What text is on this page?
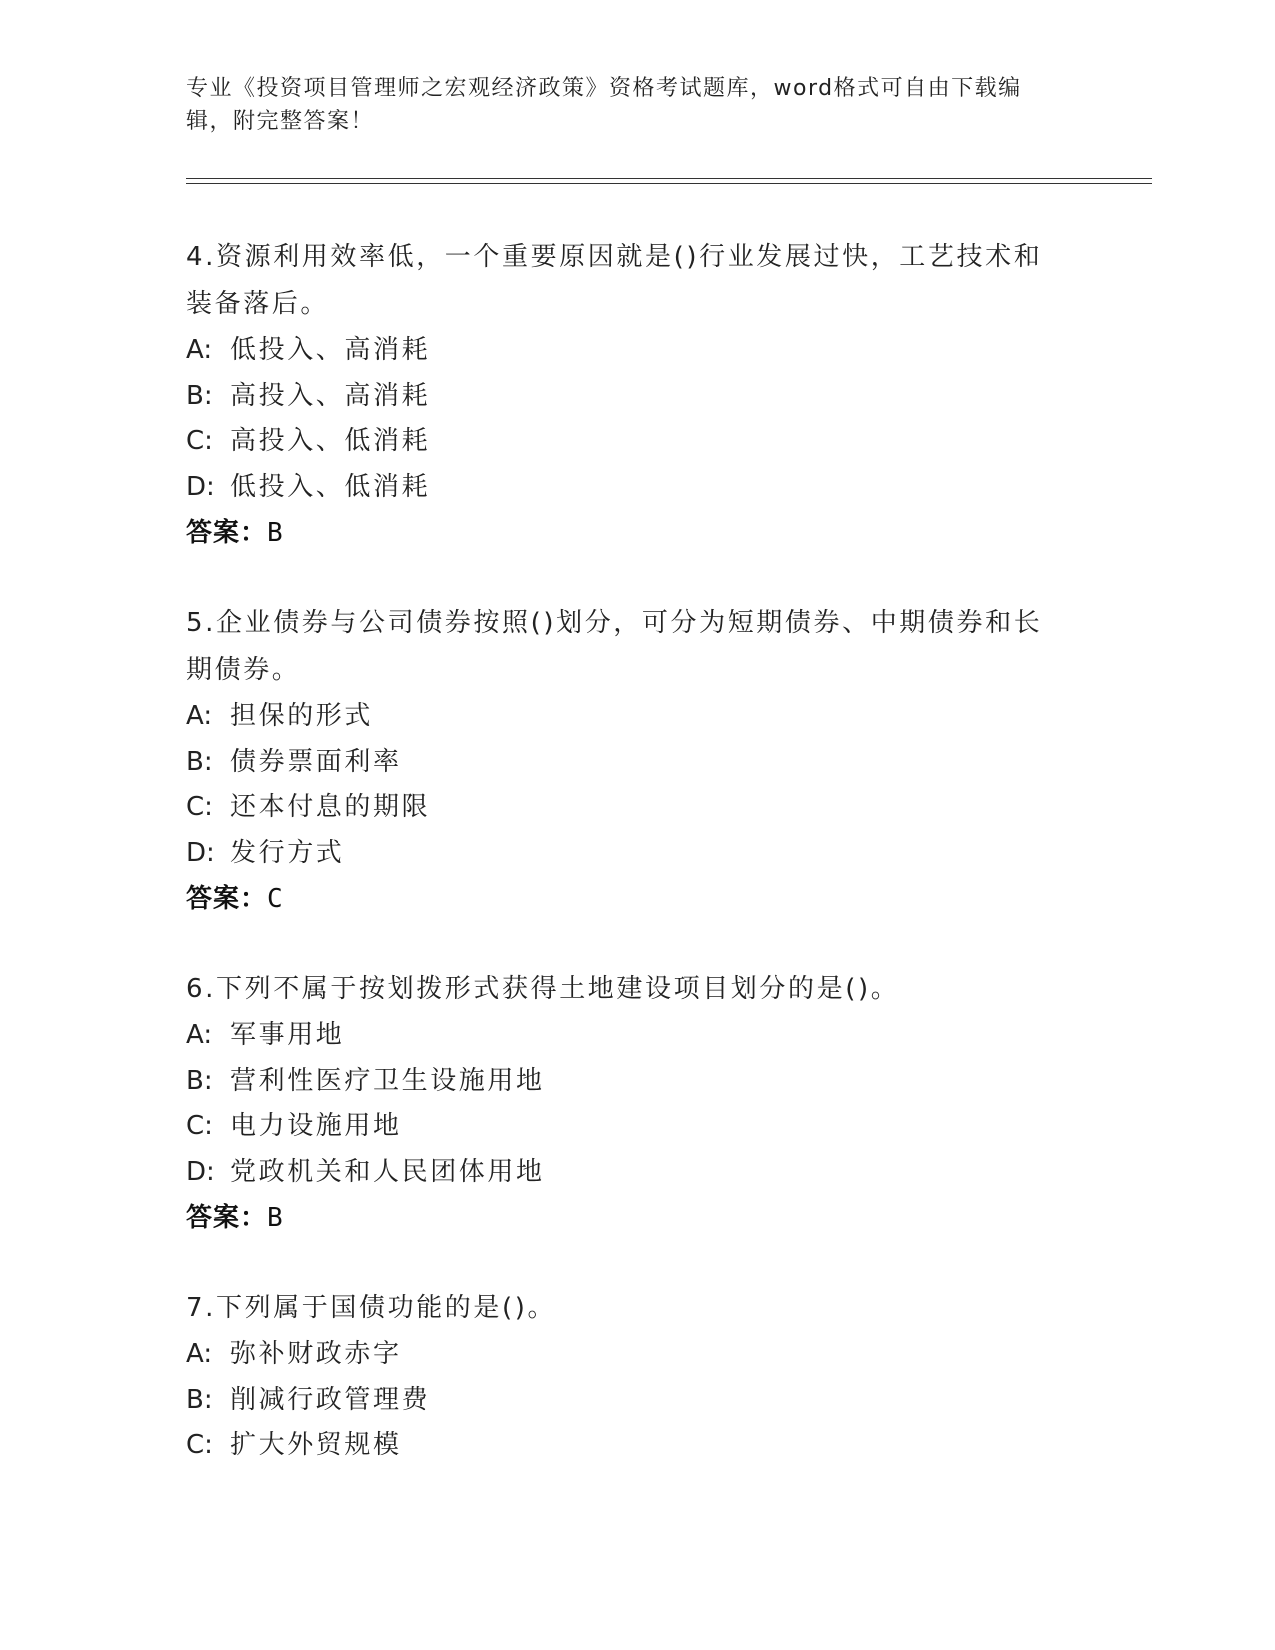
专业《投资项目管理师之宏观经济政策》资格考试题库，word格式可自由下载编辑，附完整答案！
4.资源利用效率低，一个重要原因就是()行业发展过快，工艺技术和装备落后。
A: 低投入、高消耗
B: 高投入、高消耗
C: 高投入、低消耗
D: 低投入、低消耗
答案：B
5.企业债券与公司债券按照()划分，可分为短期债券、中期债券和长期债券。
A: 担保的形式
B: 债券票面利率
C: 还本付息的期限
D: 发行方式
答案：C
6.下列不属于按划拨形式获得土地建设项目划分的是()。
A: 军事用地
B: 营利性医疗卫生设施用地
C: 电力设施用地
D: 党政机关和人民团体用地
答案：B
7.下列属于国债功能的是()。
A: 弥补财政赤字
B: 削减行政管理费
C: 扩大外贸规模
